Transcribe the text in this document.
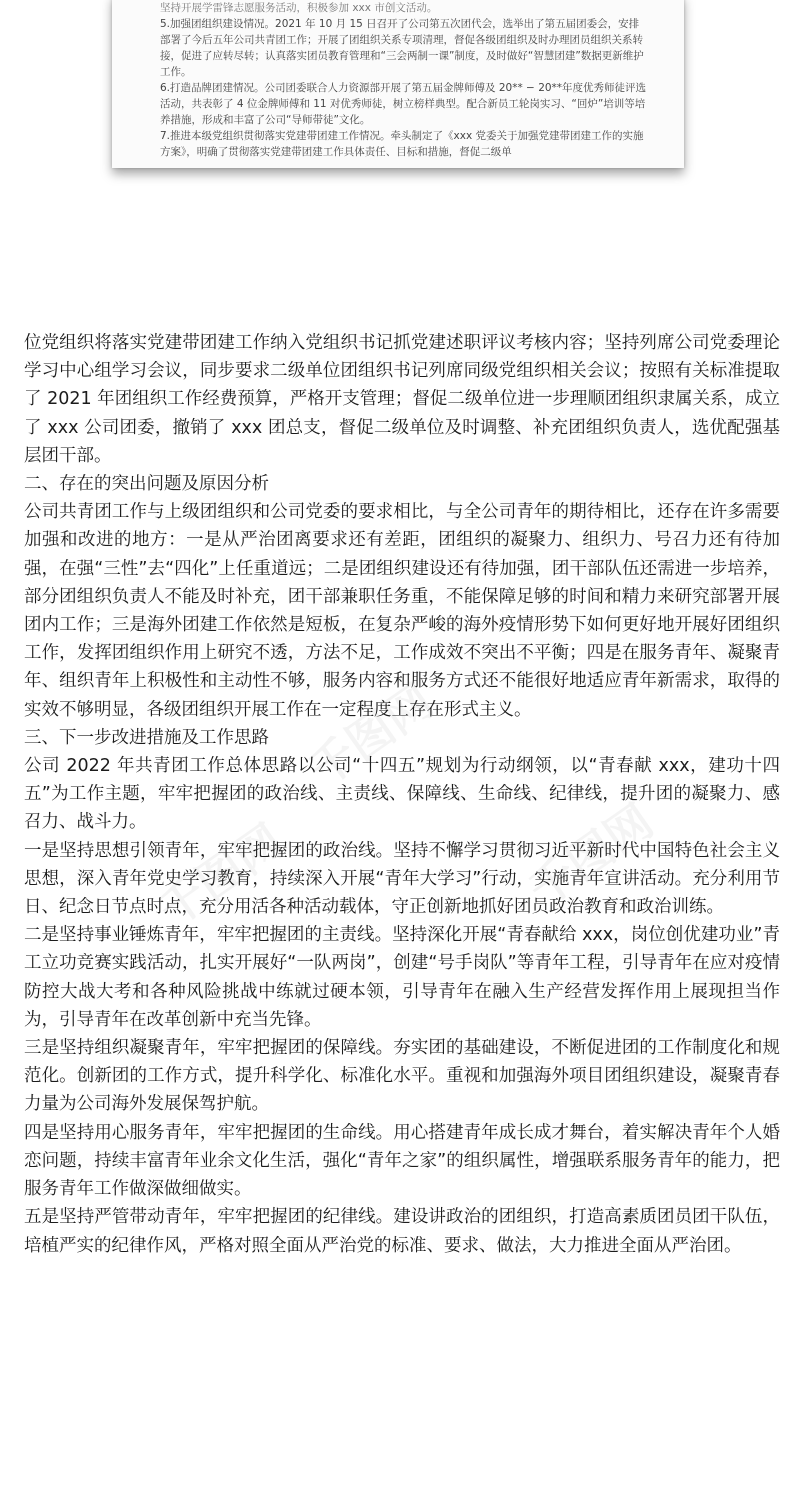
坚持开展学雷锋志愿服务活动，积极参加 xxx 市创文活动。

5.加强团组织建设情况。2021 年 10 月 15 日召开了公司第五次团代会，选举出了第五届团委会，安排部署了今后五年公司共青团工作；开展了团组织关系专项清理，督促各级团组织及时办理团员组织关系转接，促进了应转尽转；认真落实团员教育管理和“三会两制一课”制度，及时做好“智慧团建”数据更新维护工作。

6.打造品牌团建情况。公司团委联合人力资源部开展了第五届金牌师傅及 20** − 20**年度优秀师徒评选活动，共表彰了 4 位金牌师傅和 11 对优秀师徒，树立榜样典型。配合新员工轮岗实习、“回炉”培训等培养措施，形成和丰富了公司“导师带徒”文化。

7.推进本级党组织贯彻落实党建带团建工作情况。牵头制定了《xxx 党委关于加强党建带团建工作的实施方案》，明确了贯彻落实党建带团建工作具体责任、目标和措施，督促二级单

位党组织将落实党建带团建工作纳入党组织书记抓党建述职评议考核内容；坚持列席公司党委理论学习中心组学习会议，同步要求二级单位团组织书记列席同级党组织相关会议；按照有关标准提取了 2021 年团组织工作经费预算，严格开支管理；督促二级单位进一步理顺团组织隶属关系，成立了 xxx 公司团委，撤销了 xxx 团总支，督促二级单位及时调整、补充团组织负责人，选优配强基层团干部。

二、存在的突出问题及原因分析

公司共青团工作与上级团组织和公司党委的要求相比，与全公司青年的期待相比，还存在许多需要加强和改进的地方：一是从严治团离要求还有差距，团组织的凝聚力、组织力、号召力还有待加强，在强“三性”去“四化”上任重道远；二是团组织建设还有待加强，团干部队伍还需进一步培养，部分团组织负责人不能及时补充，团干部兼职任务重，不能保障足够的时间和精力来研究部署开展团内工作；三是海外团建工作依然是短板，在复杂严峻的海外疫情形势下如何更好地开展好团组织工作，发挥团组织作用上研究不透，方法不足，工作成效不突出不平衡；四是在服务青年、凝聚青年、组织青年上积极性和主动性不够，服务内容和服务方式还不能很好地适应青年新需求，取得的实效不够明显，各级团组织开展工作在一定程度上存在形式主义。

三、下一步改进措施及工作思路

公司 2022 年共青团工作总体思路以公司“十四五”规划为行动纲领，以“青春献 xxx，建功十四五”为工作主题，牢牢把握团的政治线、主责线、保障线、生命线、纪律线，提升团的凝聚力、感召力、战斗力。

一是坚持思想引领青年，牢牢把握团的政治线。坚持不懈学习贯彻习近平新时代中国特色社会主义思想，深入青年党史学习教育，持续深入开展“青年大学习”行动，实施青年宣讲活动。充分利用节日、纪念日节点时点，充分用活各种活动载体，守正创新地抓好团员政治教育和政治训练。

二是坚持事业锤炼青年，牢牢把握团的主责线。坚持深化开展“青春献给 xxx，岗位创优建功业”青工立功竞赛实践活动，扎实开展好“一队两岗”，创建“号手岗队”等青年工程，引导青年在应对疫情防控大战大考和各种风险挑战中练就过硬本领，引导青年在融入生产经营发挥作用上展现担当作为，引导青年在改革创新中充当先锋。

三是坚持组织凝聚青年，牢牢把握团的保障线。夯实团的基础建设，不断促进团的工作制度化和规范化。创新团的工作方式，提升科学化、标准化水平。重视和加强海外项目团组织建设，凝聚青春力量为公司海外发展保驾护航。

四是坚持用心服务青年，牢牢把握团的生命线。用心搭建青年成长成才舞台，着实解决青年个人婚恋问题，持续丰富青年业余文化生活，强化“青年之家”的组织属性，增强联系服务青年的能力，把服务青年工作做深做细做实。

五是坚持严管带动青年，牢牢把握团的纪律线。建设讲政治的团组织，打造高素质团员团干队伍，培植严实的纪律作风，严格对照全面从严治党的标准、要求、做法，大力推进全面从严治团。
